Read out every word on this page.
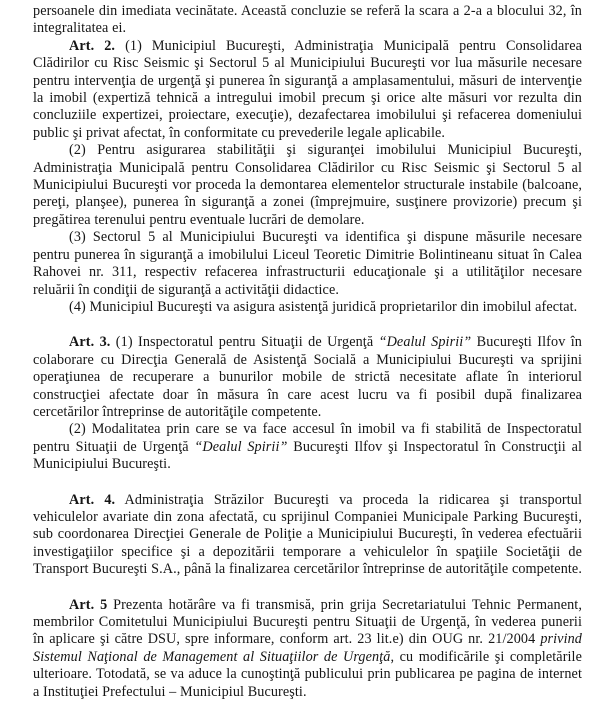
persoanele din imediata vecinătate. Această concluzie se referă la scara a 2-a a blocului 32, în integralitatea ei.

Art. 2. (1) Municipiul Bucureşti, Administraţia Municipală pentru Consolidarea Clădirilor cu Risc Seismic şi Sectorul 5 al Municipiului Bucureşti vor lua măsurile necesare pentru intervenţia de urgenţă şi punerea în siguranţă a amplasamentului, măsuri de intervenţie la imobil (expertiză tehnică a intregului imobil precum şi orice alte măsuri vor rezulta din concluziile expertizei, proiectare, execuţie), dezafectarea imobilului şi refacerea domeniului public şi privat afectat, în conformitate cu prevederile legale aplicabile.

(2) Pentru asigurarea stabilităţii şi siguranţei imobilului Municipiul Bucureşti, Administraţia Municipală pentru Consolidarea Clădirilor cu Risc Seismic şi Sectorul 5 al Municipiului Bucureşti vor proceda la demontarea elementelor structurale instabile (balcoane, pereţi, planşee), punerea în siguranţă a zonei (împrejmuire, susţinere provizorie) precum şi pregătirea terenului pentru eventuale lucrări de demolare.

(3) Sectorul 5 al Municipiului Bucureşti va identifica şi dispune măsurile necesare pentru punerea în siguranţă a imobilului Liceul Teoretic Dimitrie Bolintineanu situat în Calea Rahovei nr. 311, respectiv refacerea infrastructurii educaţionale şi a utilităţilor necesare reluării în condiţii de siguranţă a activităţii didactice.

(4) Municipiul Bucureşti va asigura asistenţă juridică proprietarilor din imobilul afectat.

Art. 3. (1) Inspectoratul pentru Situaţii de Urgenţă “Dealul Spirii” Bucureşti Ilfov în colaborare cu Direcţia Generală de Asistenţă Socială a Municipiului Bucureşti va sprijini operaţiunea de recuperare a bunurilor mobile de strictă necesitate aflate în interiorul construcţiei afectate doar în măsura în care acest lucru va fi posibil după finalizarea cercetărilor întreprinse de autorităţile competente.

(2) Modalitatea prin care se va face accesul în imobil va fi stabilită de Inspectoratul pentru Situaţii de Urgenţă “Dealul Spirii” Bucureşti Ilfov şi Inspectoratul în Construcţii al Municipiului Bucureşti.

Art. 4. Administraţia Străzilor Bucureşti va proceda la ridicarea şi transportul vehiculelor avariate din zona afectată, cu sprijinul Companiei Municipale Parking Bucureşti, sub coordonarea Direcţiei Generale de Poliţie a Municipiului Bucureşti, în vederea efectuării investigaţiilor specifice şi a depozitării temporare a vehiculelor în spaţiile Societăţii de Transport Bucureşti S.A., până la finalizarea cercetărilor întreprinse de autorităţile competente.

Art. 5 Prezenta hotărâre va fi transmisă, prin grija Secretariatului Tehnic Permanent, membrilor Comitetului Municipiului Bucureşti pentru Situaţii de Urgenţă, în vederea punerii în aplicare şi către DSU, spre informare, conform art. 23 lit.e) din OUG nr. 21/2004 privind Sistemul Naţional de Management al Situaţiilor de Urgenţă, cu modificările şi completările ulterioare. Totodată, se va aduce la cunoştinţă publicului prin publicarea pe pagina de internet a Instituţiei Prefectului – Municipiul Bucureşti.
